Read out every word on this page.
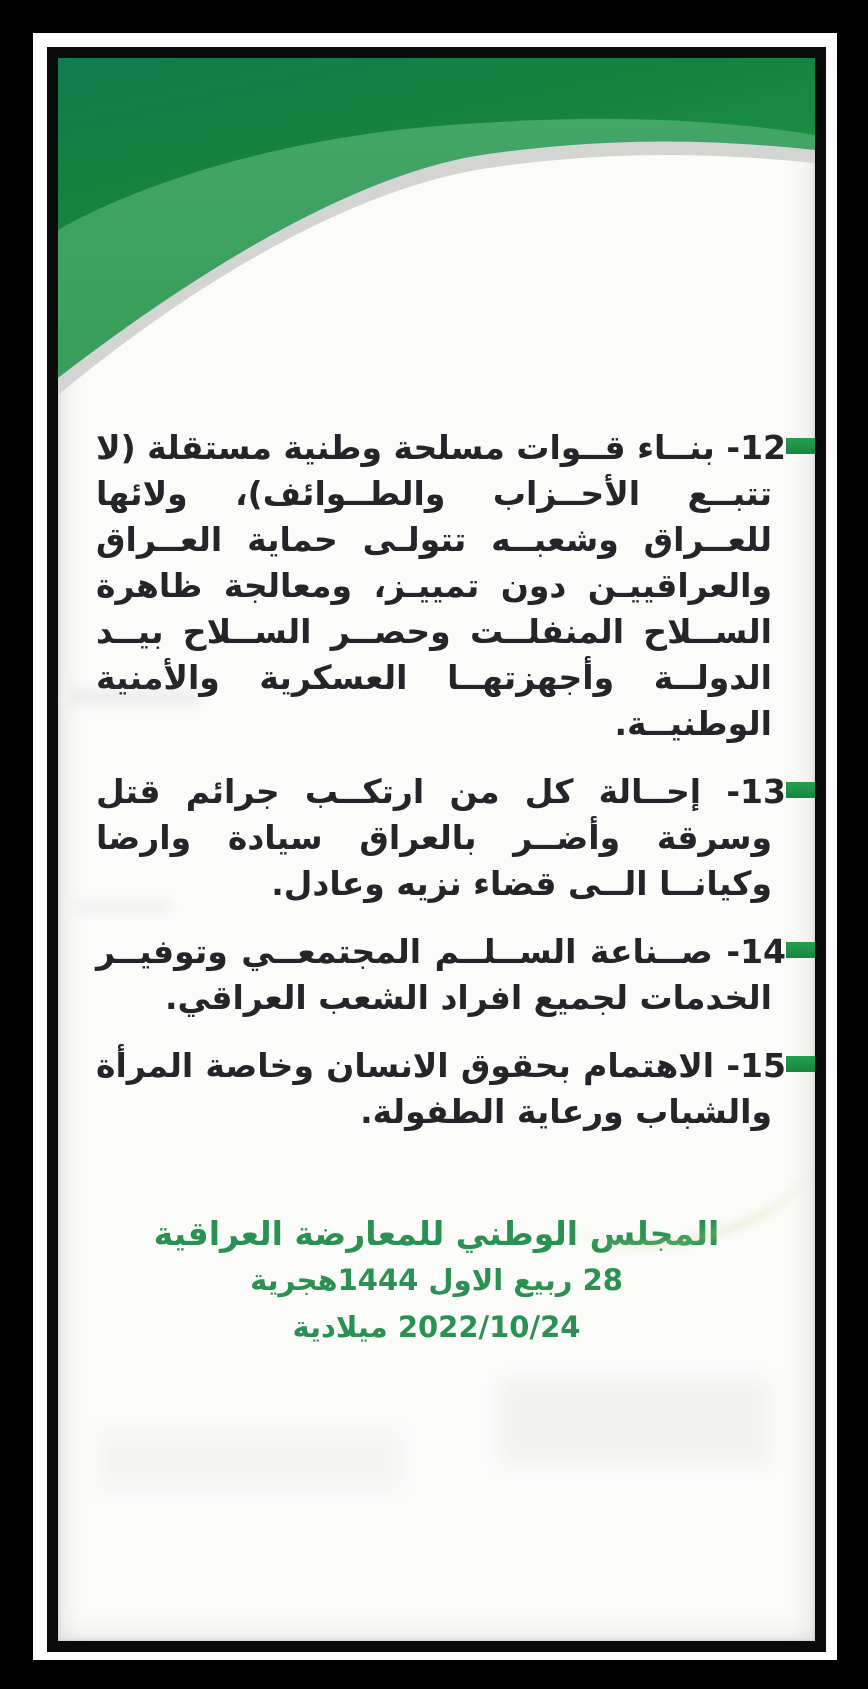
12- بنــاء قــوات مسلحة وطنية مستقلة (لا تتبــع الأحــزاب والطــوائف)، ولائها للعــراق وشعبــه تتولـى حماية العــراق والعراقييـن دون تمييـز، ومعالجة ظاهرة الســلاح المنفلــت وحصــر الســلاح بيــد الدولــة وأجهزتهــا العسكرية والأمنية الوطنيــة.

13- إحــالة كل من ارتكــب جرائم قتل وسرقة وأضــر بالعراق سيادة وارضا وكيانــا الــى قضاء نزيه وعادل.

14- صــناعة الســلــم المجتمعــي وتوفيــر الخدمات لجميع افراد الشعب العراقي.

15- الاهتمام بحقوق الانسان وخاصة المرأة والشباب ورعاية الطفولة.

المجلس الوطني للمعارضة العراقية

28 ربيع الاول 1444هجرية

2022/10/24 ميلادية
